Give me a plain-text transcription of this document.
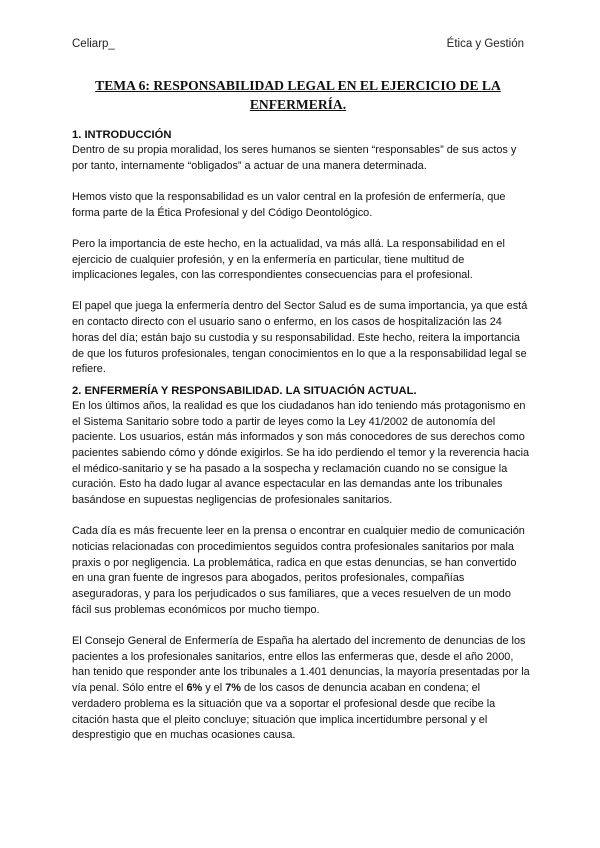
Celiarp_	Ética y Gestión
TEMA 6: RESPONSABILIDAD LEGAL EN EL EJERCICIO DE LA
ENFERMERÍA.
1. INTRODUCCIÓN

Dentro de su propia moralidad, los seres humanos se sienten “responsables” de sus actos y por tanto, internamente “obligados” a actuar de una manera determinada.

Hemos visto que la responsabilidad es un valor central en la profesión de enfermería, que forma parte de la Ética Profesional y del Código Deontológico.

Pero la importancia de este hecho, en la actualidad, va más allá. La responsabilidad en el ejercicio de cualquier profesión, y en la enfermería en particular, tiene multitud de implicaciones legales, con las correspondientes consecuencias para el profesional.

El papel que juega la enfermería dentro del Sector Salud es de suma importancia, ya que está en contacto directo con el usuario sano o enfermo, en los casos de hospitalización las 24 horas del día; están bajo su custodia y su responsabilidad. Este hecho, reitera la importancia de que los futuros profesionales, tengan conocimientos en lo que a la responsabilidad legal se refiere.

2. ENFERMERÍA Y RESPONSABILIDAD. LA SITUACIÓN ACTUAL.

En los últimos años, la realidad es que los ciudadanos han ido teniendo más protagonismo en el Sistema Sanitario sobre todo a partir de leyes como la Ley 41/2002 de autonomía del paciente. Los usuarios, están más informados y son más conocedores de sus derechos como pacientes sabiendo cómo y dónde exigirlos. Se ha ido perdiendo el temor y la reverencia hacia el médico-sanitario y se ha pasado a la sospecha y reclamación cuando no se consigue la curación. Esto ha dado lugar al avance espectacular en las demandas ante los tribunales basándose en supuestas negligencias de profesionales sanitarios.

Cada día es más frecuente leer en la prensa o encontrar en cualquier medio de comunicación noticias relacionadas con procedimientos seguidos contra profesionales sanitarios por mala praxis o por negligencia. La problemática, radica en que estas denuncias, se han convertido en una gran fuente de ingresos para abogados, peritos profesionales, compañías aseguradoras, y para los perjudicados o sus familiares, que a veces resuelven de un modo fácil sus problemas económicos por mucho tiempo.

El Consejo General de Enfermería de España ha alertado del incremento de denuncias de los pacientes a los profesionales sanitarios, entre ellos las enfermeras que, desde el año 2000, han tenido que responder ante los tribunales a 1.401 denuncias, la mayoría presentadas por la vía penal. Sólo entre el 6% y el 7% de los casos de denuncia acaban en condena; el verdadero problema es la situación que va a soportar el profesional desde que recibe la citación hasta que el pleito concluye; situación que implica incertidumbre personal y el desprestigio que en muchas ocasiones causa.
